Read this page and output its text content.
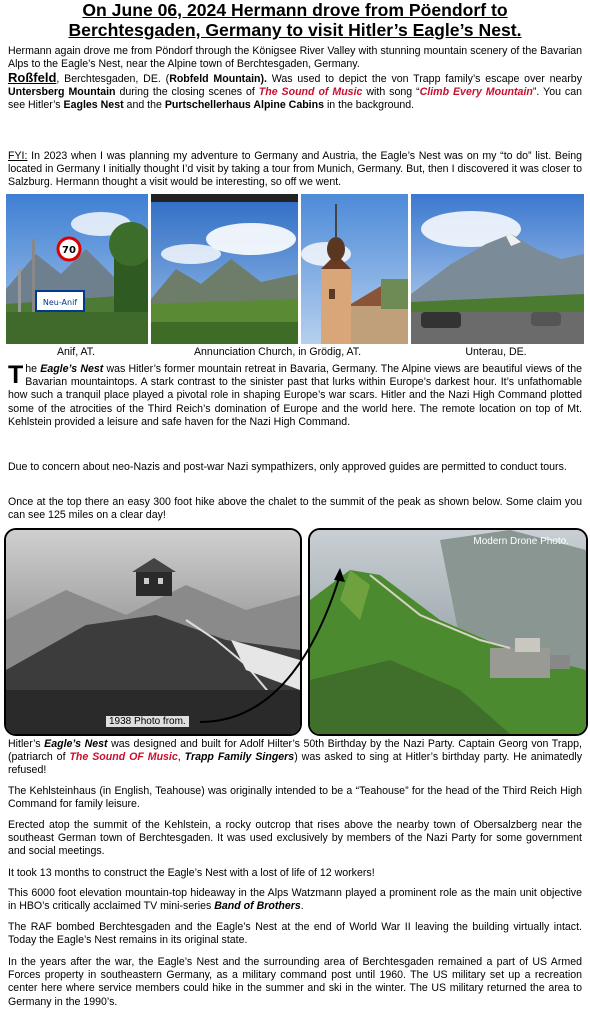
On June 06, 2024 Hermann drove from Pöendorf to
Berchtesgaden, Germany to visit Hitler’s Eagle’s Nest.
Hermann again drove me from Pöndorf through the Königsee River Valley with stunning mountain scenery of the Bavarian Alps to the Eagle’s Nest, near the Alpine town of Berchtesgaden, Germany.
Roßfeld, Berchtesgaden, DE. (Robfeld Mountain). Was used to depict the von Trapp family’s escape over nearby Untersberg Mountain during the closing scenes of The Sound of Music with song “Climb Every Mountain”. You can see Hitler’s Eagles Nest and the Purtschellerhaus Alpine Cabins in the background.
FYI: In 2023 when I was planning my adventure to Germany and Austria, the Eagle’s Nest was on my “to do” list. Being located in Germany I initially thought I’d visit by taking a tour from Munich, Germany. But, then I discovered it was closer to Salzburg. Hermann thought a visit would be interesting, so off we went.
70
Neu-Anif
Anif, AT.	Annunciation Church, in Grödig, AT.	Unterau, DE.
The Eagle’s Nest was Hitler’s former mountain retreat in Bavaria, Germany. The Alpine views are beautiful views of the Bavarian mountaintops. A stark contrast to the sinister past that lurks within Europe’s darkest hour. It’s unfathomable how such a tranquil place played a pivotal role in shaping Europe’s war scars. Hitler and the Nazi High Command plotted some of the atrocities of the Third Reich’s domination of Europe and the world here. The remote location on top of Mt. Kehlstein provided a leisure and safe haven for the Nazi High Command.
Due to concern about neo-Nazis and post-war Nazi sympathizers, only approved guides are permitted to conduct tours.
Once at the top there an easy 300 foot hike above the chalet to the summit of the peak as shown below. Some claim you can see 125 miles on a clear day!
1938 Photo from.
Modern Drone Photo.
Hitler’s Eagle’s Nest was designed and built for Adolf Hilter’s 50th Birthday by the Nazi Party. Captain Georg von Trapp, (patriarch of The Sound OF Music, Trapp Family Singers) was asked to sing at Hitler’s birthday party. He animatedly refused!
The Kehlsteinhaus (in English, Teahouse) was originally intended to be a “Teahouse” for the head of the Third Reich High Command for family leisure.
Erected atop the summit of the Kehlstein, a rocky outcrop that rises above the nearby town of Obersalzberg near the southeast German town of Berchtesgaden. It was used exclusively by members of the Nazi Party for some government and social meetings.
It took 13 months to construct the Eagle’s Nest with a lost of life of 12 workers!
This 6000 foot elevation mountain-top hideaway in the Alps Watzmann played a prominent role as the main unit objective in HBO’s critically acclaimed TV mini-series Band of Brothers.
The RAF bombed Berchtesgaden and the Eagle’s Nest at the end of World War II leaving the building virtually intact. Today the Eagle’s Nest remains in its original state.
In the years after the war, the Eagle’s Nest and the surrounding area of Berchtesgaden remained a part of US Armed Forces property in southeastern Germany, as a military command post until 1960. The US military set up a recreation center here where service members could hike in the summer and ski in the winter. The US military returned the area to Germany in the 1990’s.
